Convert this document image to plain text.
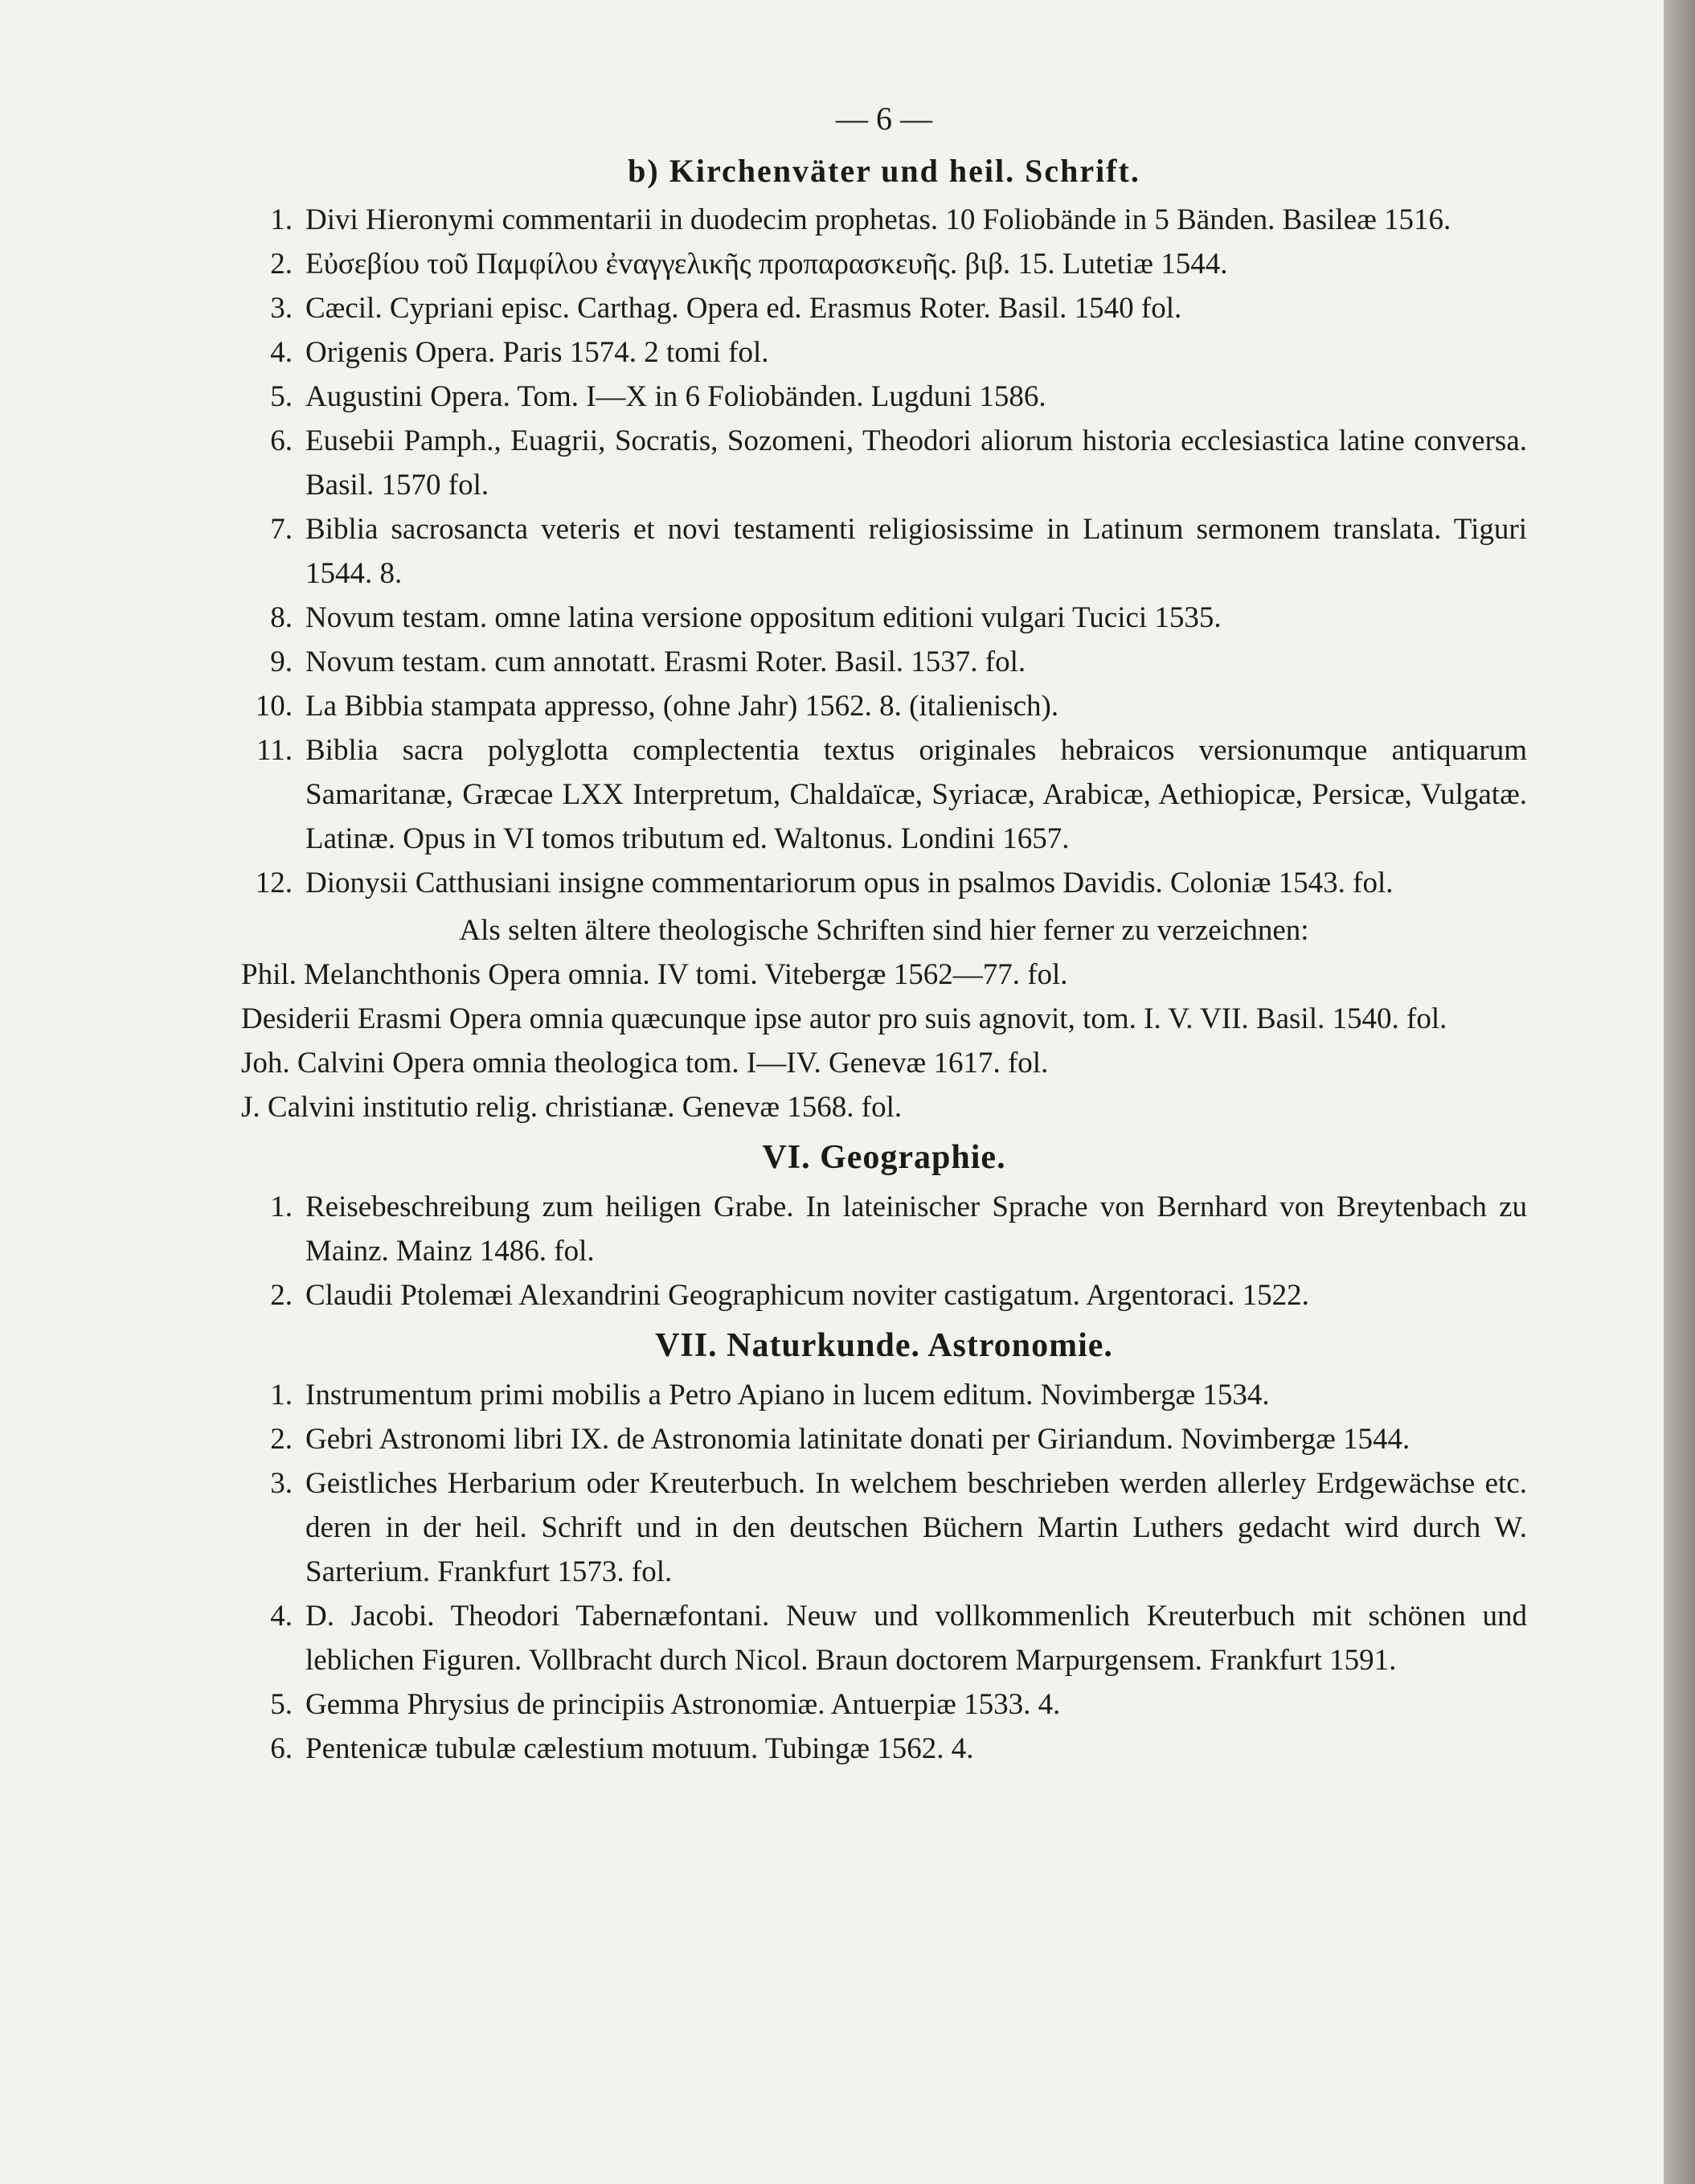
— 6 —
b) Kirchenväter und heil. Schrift.
1. Divi Hieronymi commentarii in duodecim prophetas. 10 Foliobände in 5 Bänden. Basileæ 1516.
2. Εὐσεβίου τοῦ Παμφίλου ἐvαγγελικῆς προπαρασκευῆς. βιβ. 15. Lutetiæ 1544.
3. Cæcil. Cypriani episc. Carthag. Opera ed. Erasmus Roter. Basil. 1540 fol.
4. Origenis Opera. Paris 1574. 2 tomi fol.
5. Augustini Opera. Tom. I—X in 6 Foliobänden. Lugduni 1586.
6. Eusebii Pamph., Euagrii, Socratis, Sozomeni, Theodori aliorum historia ecclesiastica latine conversa. Basil. 1570 fol.
7. Biblia sacrosancta veteris et novi testamenti religiosissime in Latinum sermonem translata. Tiguri 1544. 8.
8. Novum testam. omne latina versione oppositum editioni vulgari Tucici 1535.
9. Novum testam. cum annotatt. Erasmi Roter. Basil. 1537. fol.
10. La Bibbia stampata appresso, (ohne Jahr) 1562. 8. (italienisch).
11. Biblia sacra polyglotta complectentia textus originales hebraicos versionumque antiquarum Samaritanæ, Græcae LXX Interpretum, Chaldaïcæ, Syriacæ, Arabicæ, Aethiopicæ, Persicæ, Vulgatæ. Latinæ. Opus in VI tomos tributum ed. Waltonus. Londini 1657.
12. Dionysii Catthusiani insigne commentariorum opus in psalmos Davidis. Coloniæ 1543. fol.
Als selten ältere theologische Schriften sind hier ferner zu verzeichnen:
Phil. Melanchthonis Opera omnia. IV tomi. Vitebergæ 1562—77. fol.
Desiderii Erasmi Opera omnia quæcunque ipse autor pro suis agnovit, tom. I. V. VII. Basil. 1540. fol.
Joh. Calvini Opera omnia theologica tom. I—IV. Genevæ 1617. fol.
J. Calvini institutio relig. christianæ. Genevæ 1568. fol.
VI. Geographie.
1. Reisebeschreibung zum heiligen Grabe. In lateinischer Sprache von Bernhard von Breytenbach zu Mainz. Mainz 1486. fol.
2. Claudii Ptolemæi Alexandrini Geographicum noviter castigatum. Argentoraci. 1522.
VII. Naturkunde. Astronomie.
1. Instrumentum primi mobilis a Petro Apiano in lucem editum. Novimbergæ 1534.
2. Gebri Astronomi libri IX. de Astronomia latinitate donati per Giriandum. Novimbergæ 1544.
3. Geistliches Herbarium oder Kreuterbuch. In welchem beschrieben werden allerley Erdgewächse etc. deren in der heil. Schrift und in den deutschen Büchern Martin Luthers gedacht wird durch W. Sarterium. Frankfurt 1573. fol.
4. D. Jacobi. Theodori Tabernæfontani. Neuw und vollkommenlich Kreuterbuch mit schönen und leblichen Figuren. Vollbracht durch Nicol. Braun doctorem Marpurgensem. Frankfurt 1591.
5. Gemma Phrysius de principiis Astronomiæ. Antuerpiæ 1533. 4.
6. Pentenicæ tubulæ cælestium motuum. Tubingæ 1562. 4.
